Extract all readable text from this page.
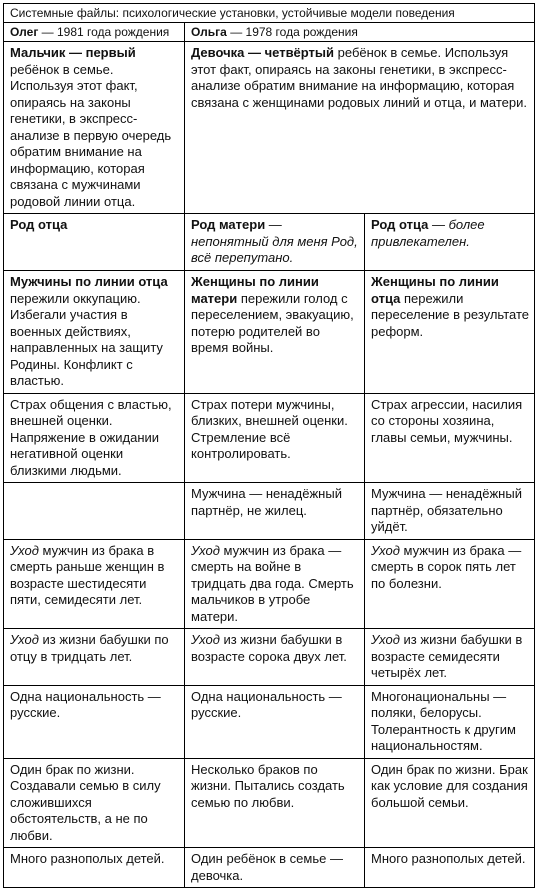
Системные файлы: психологические установки, устойчивые модели поведения		
Олег — 1981 года рождения	Ольга — 1978 года рождения	
Мальчик — первый ребёнок в семье. Используя этот факт, опираясь на законы генетики, в экспресс-анализе в первую очередь обратим внимание на информацию, которая связана с мужчинами родовой линии отца.	Девочка — четвёртый ребёнок в семье. Используя этот факт, опираясь на законы генетики, в экспресс-анализе обратим внимание на информацию, которая связана с женщинами родовых линий и отца, и матери.	
Род отца	Род матери — непонятный для меня Род, всё перепутано.	Род отца — более привлекателен.
Мужчины по линии отца пережили оккупацию. Избегали участия в военных действиях, направленных на защиту Родины. Конфликт с властью.	Женщины по линии матери пережили голод с переселением, эвакуацию, потерю родителей во время войны.	Женщины по линии отца пережили переселение в результате реформ.
Страх общения с властью, внешней оценки. Напряжение в ожидании негативной оценки близкими людьми.	Страх потери мужчины, близких, внешней оценки. Стремление всё контролировать.	Страх агрессии, насилия со стороны хозяина, главы семьи, мужчины.
	Мужчина — ненадёжный партнёр, не жилец.	Мужчина — ненадёжный партнёр, обязательно уйдёт.
Уход мужчин из брака в смерть раньше женщин в возрасте шестидесяти пяти, семидесяти лет.	Уход мужчин из брака — смерть на войне в тридцать два года. Смерть мальчиков в утробе матери.	Уход мужчин из брака — смерть в сорок пять лет по болезни.
Уход из жизни бабушки по отцу в тридцать лет.	Уход из жизни бабушки в возрасте сорока двух лет.	Уход из жизни бабушки в возрасте семидесяти четырёх лет.
Одна национальность — русские.	Одна национальность — русские.	Многонациональны — поляки, белорусы. Толерантность к другим национальностям.
Один брак по жизни. Создавали семью в силу сложившихся обстоятельств, а не по любви.	Несколько браков по жизни. Пытались создать семью по любви.	Один брак по жизни. Брак как условие для создания большой семьи.
Много разнополых детей.	Один ребёнок в семье — девочка.	Много разнополых детей.
